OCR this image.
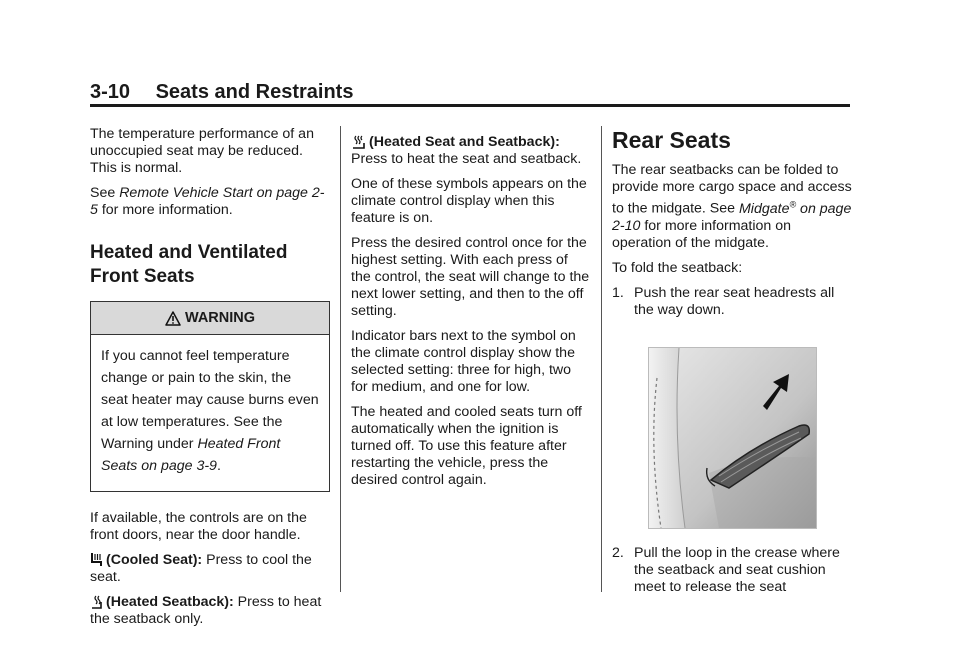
3-10 Seats and Restraints

The temperature performance of an unoccupied seat may be reduced. This is normal.

See Remote Vehicle Start on page 2-5 for more information.

Heated and Ventilated Front Seats
WARNING
If you cannot feel temperature change or pain to the skin, the seat heater may cause burns even at low temperatures. See the Warning under Heated Front Seats on page 3-9.

If available, the controls are on the front doors, near the door handle.

(Cooled Seat): Press to cool the seat.

(Heated Seatback): Press to heat the seatback only.

(Heated Seat and Seatback): Press to heat the seat and seatback.

One of these symbols appears on the climate control display when this feature is on.

Press the desired control once for the highest setting. With each press of the control, the seat will change to the next lower setting, and then to the off setting.

Indicator bars next to the symbol on the climate control display show the selected setting: three for high, two for medium, and one for low.

The heated and cooled seats turn off automatically when the ignition is turned off. To use this feature after restarting the vehicle, press the desired control again.

Rear Seats

The rear seatbacks can be folded to provide more cargo space and access to the midgate. See Midgate® on page 2-10 for more information on operation of the midgate.

To fold the seatback:

1. Push the rear seat headrests all the way down.
2. Pull the loop in the crease where the seatback and seat cushion meet to release the seat
